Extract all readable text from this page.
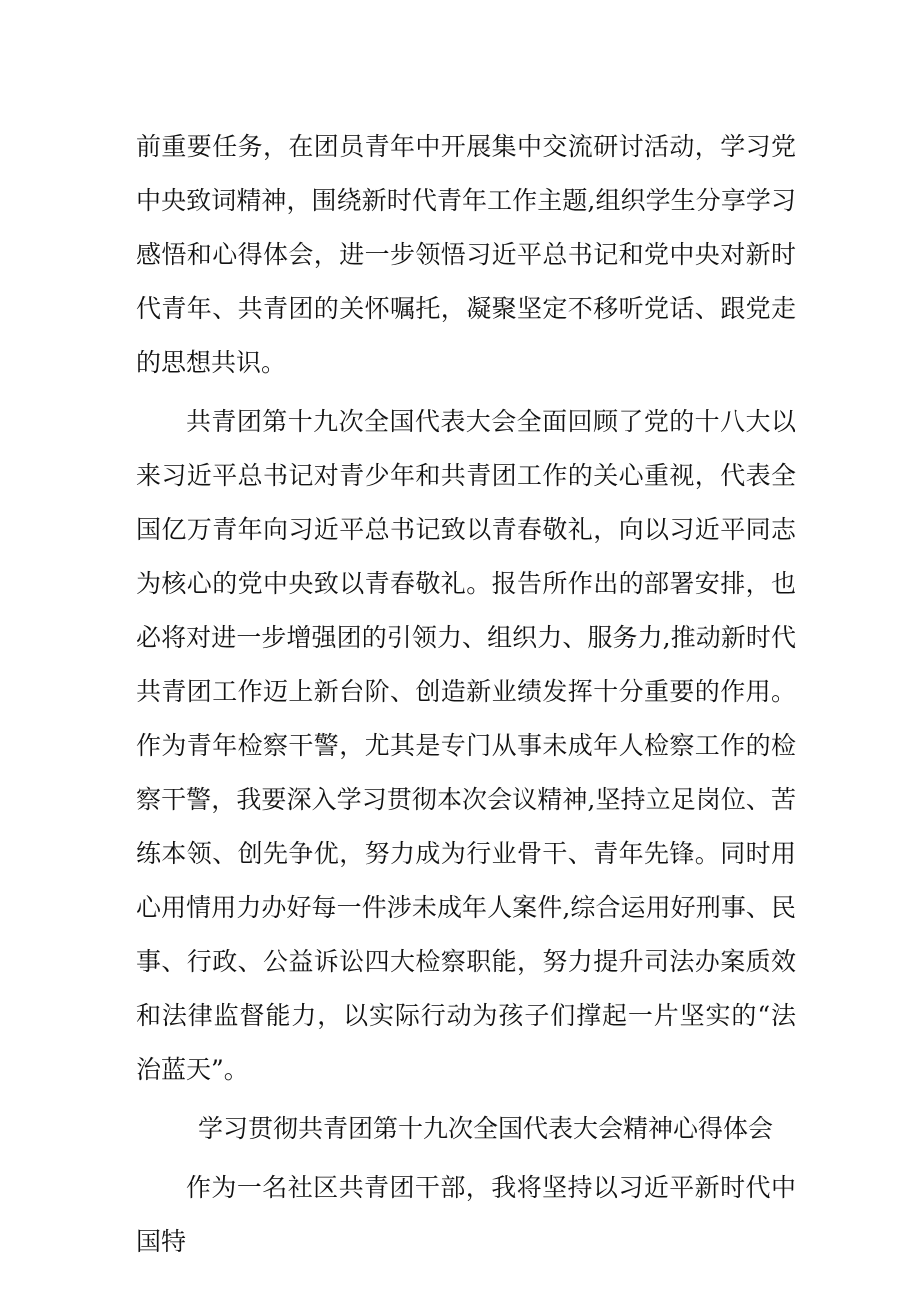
前重要任务，在团员青年中开展集中交流研讨活动，学习党中央致词精神，围绕新时代青年工作主题,组织学生分享学习感悟和心得体会，进一步领悟习近平总书记和党中央对新时代青年、共青团的关怀嘱托，凝聚坚定不移听党话、跟党走的思想共识。

共青团第十九次全国代表大会全面回顾了党的十八大以来习近平总书记对青少年和共青团工作的关心重视，代表全国亿万青年向习近平总书记致以青春敬礼，向以习近平同志为核心的党中央致以青春敬礼。报告所作出的部署安排，也必将对进一步增强团的引领力、组织力、服务力,推动新时代共青团工作迈上新台阶、创造新业绩发挥十分重要的作用。作为青年检察干警，尤其是专门从事未成年人检察工作的检察干警，我要深入学习贯彻本次会议精神,坚持立足岗位、苦练本领、创先争优，努力成为行业骨干、青年先锋。同时用心用情用力办好每一件涉未成年人案件,综合运用好刑事、民事、行政、公益诉讼四大检察职能，努力提升司法办案质效和法律监督能力，以实际行动为孩子们撑起一片坚实的“法治蓝天”。

学习贯彻共青团第十九次全国代表大会精神心得体会

作为一名社区共青团干部，我将坚持以习近平新时代中国特
